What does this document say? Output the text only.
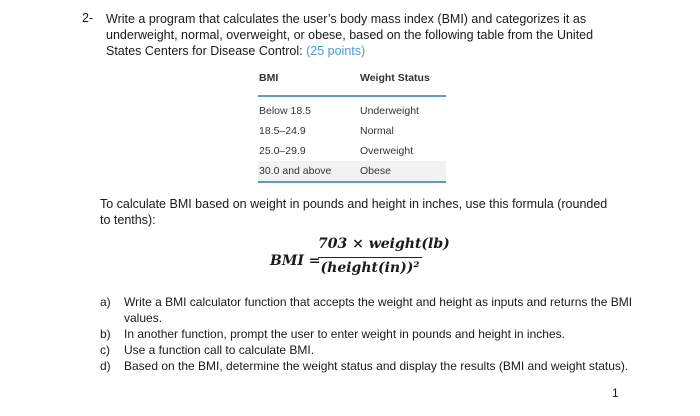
2- Write a program that calculates the user’s body mass index (BMI) and categorizes it as underweight, normal, overweight, or obese, based on the following table from the United States Centers for Disease Control: (25 points)
BMI	Weight Status
Below 18.5	Underweight
18.5–24.9	Normal
25.0–29.9	Overweight
30.0 and above	Obese
To calculate BMI based on weight in pounds and height in inches, use this formula (rounded to tenths):
BMI =
703 × weight(lb)
(height(in))²
a) Write a BMI calculator function that accepts the weight and height as inputs and returns the BMI values.
b) In another function, prompt the user to enter weight in pounds and height in inches.
c) Use a function call to calculate BMI.
d) Based on the BMI, determine the weight status and display the results (BMI and weight status).
1
